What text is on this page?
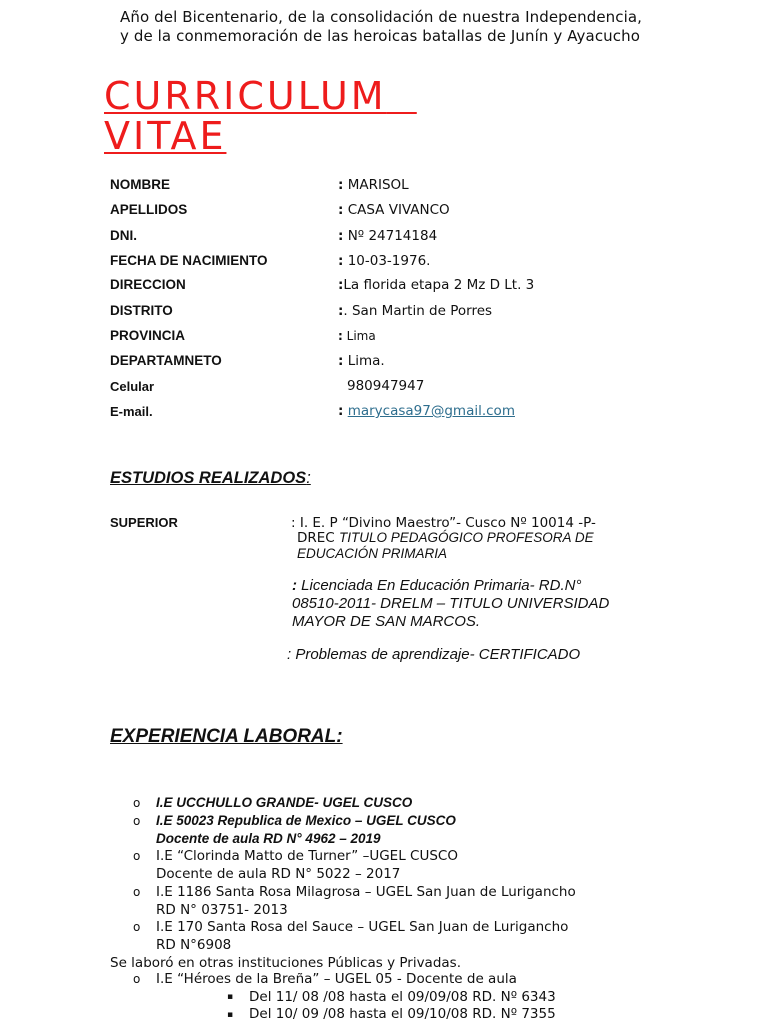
Año del Bicentenario, de la consolidación de nuestra Independencia,
y de la conmemoración de las heroicas batallas de Junín y Ayacucho
CURRICULUM
VITAE
NOMBRE	: MARISOL
APELLIDOS	: CASA VIVANCO
DNI.	: Nº 24714184
FECHA DE NACIMIENTO	: 10-03-1976.
DIRECCION	:La florida etapa 2 Mz D Lt. 3
DISTRITO	:. San Martin de Porres
PROVINCIA	: Lima
DEPARTAMNETO	: Lima.
Celular	980947947
E-mail.	: marycasa97@gmail.com
ESTUDIOS REALIZADOS:
SUPERIOR	: I. E. P “Divino Maestro”- Cusco Nº 10014 -P-
DREC TITULO PEDAGÓGICO PROFESORA DE
EDUCACIÓN PRIMARIA
: Licenciada En Educación Primaria- RD.N°
08510-2011- DRELM – TITULO UNIVERSIDAD
MAYOR DE SAN MARCOS.
: Problemas de aprendizaje- CERTIFICADO
EXPERIENCIA LABORAL:
o I.E UCCHULLO GRANDE- UGEL CUSCO
o I.E 50023 Republica de Mexico – UGEL CUSCO
Docente de aula RD N° 4962 – 2019
o I.E “Clorinda Matto de Turner” –UGEL CUSCO
Docente de aula RD N° 5022 – 2017
o I.E 1186 Santa Rosa Milagrosa – UGEL San Juan de Lurigancho
RD N° 03751- 2013
o I.E 170 Santa Rosa del Sauce – UGEL San Juan de Lurigancho
RD N°6908
Se laboró en otras instituciones Públicas y Privadas.
o I.E “Héroes de la Breña” – UGEL 05 - Docente de aula
▪ Del 11/ 08 /08 hasta el 09/09/08 RD. Nº 6343
▪ Del 10/ 09 /08 hasta el 09/10/08 RD. Nº 7355
